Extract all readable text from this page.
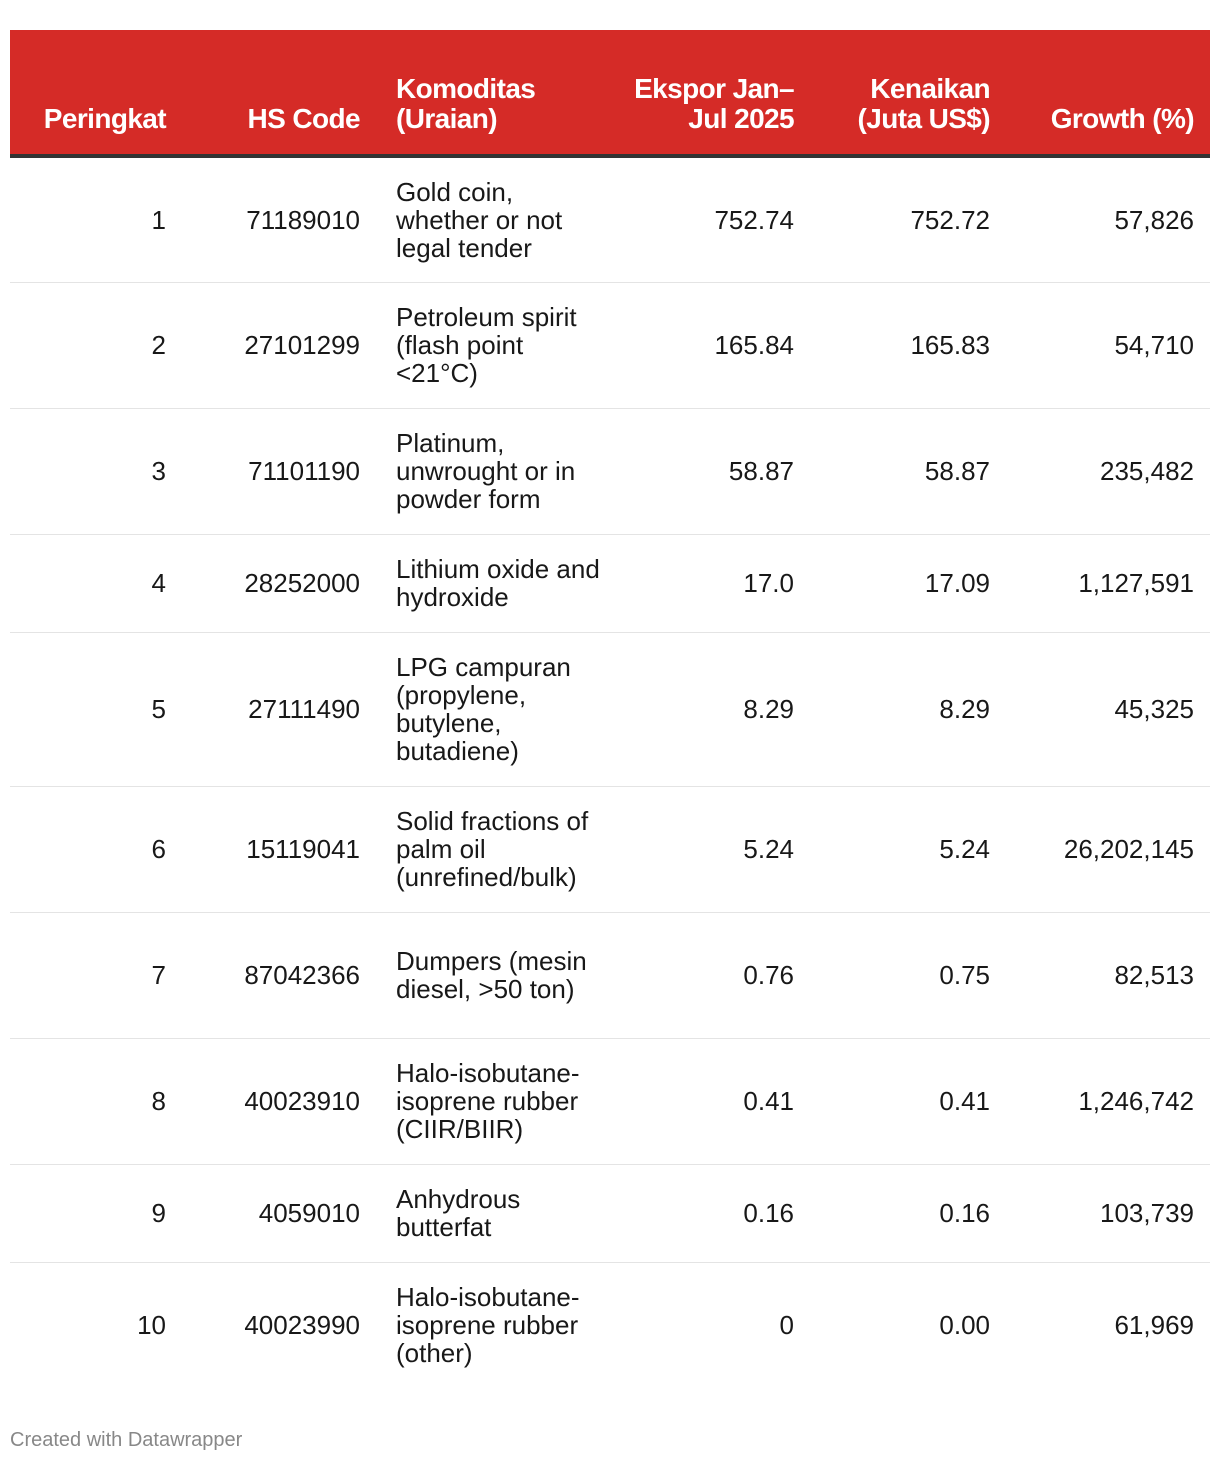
Peringkat	HS Code	Komoditas (Uraian)	Ekspor Jan–Jul 2025	Kenaikan (Juta US$)	Growth (%)
1	71189010	Gold coin, whether or not legal tender	752.74	752.72	57,826
2	27101299	Petroleum spirit (flash point <21°C)	165.84	165.83	54,710
3	71101190	Platinum, unwrought or in powder form	58.87	58.87	235,482
4	28252000	Lithium oxide and hydroxide	17.0	17.09	1,127,591
5	27111490	LPG campuran (propylene, butylene, butadiene)	8.29	8.29	45,325
6	15119041	Solid fractions of palm oil (unrefined/bulk)	5.24	5.24	26,202,145
7	87042366	Dumpers (mesin diesel, >50 ton)	0.76	0.75	82,513
8	40023910	Halo-isobutane-isoprene rubber (CIIR/BIIR)	0.41	0.41	1,246,742
9	4059010	Anhydrous butterfat	0.16	0.16	103,739
10	40023990	Halo-isobutane-isoprene rubber (other)	0	0.00	61,969
Created with Datawrapper
